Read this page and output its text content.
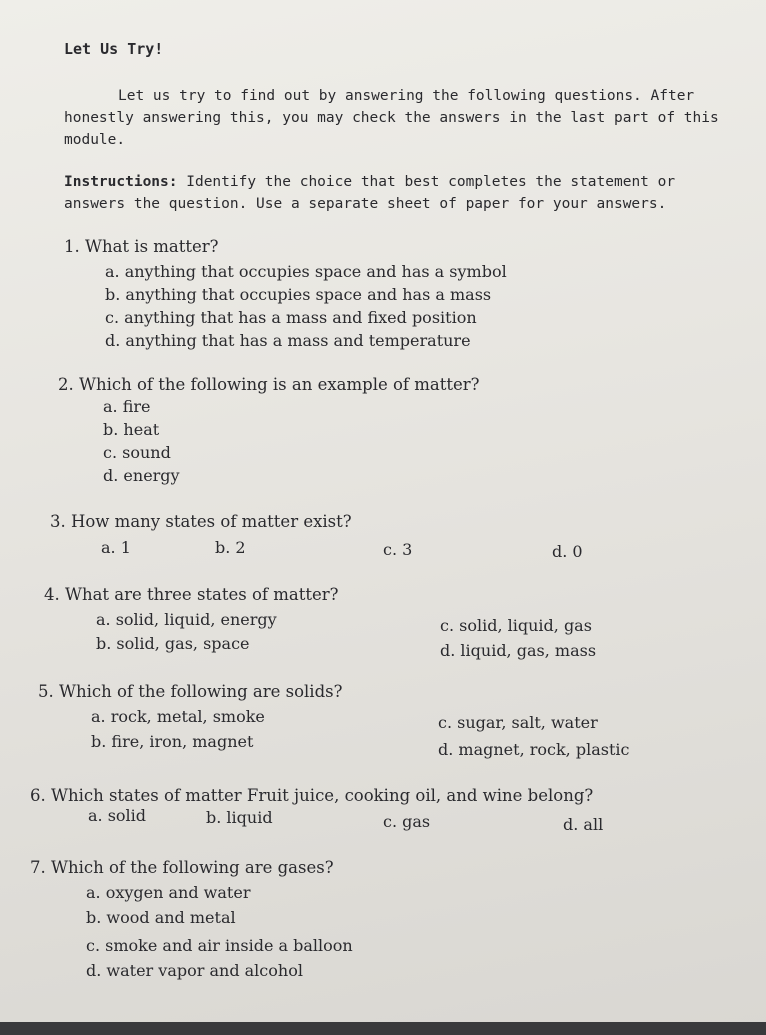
Let Us Try!
Let us try to find out by answering the following questions. After
honestly answering this, you may check the answers in the last part of this
module.
Instructions: Identify the choice that best completes the statement or
answers the question. Use a separate sheet of paper for your answers.
1. What is matter?
a. anything that occupies space and has a symbol
b. anything that occupies space and has a mass
c. anything that has a mass and fixed position
d. anything that has a mass and temperature
2. Which of the following is an example of matter?
a. fire
b. heat
c. sound
d. energy
3. How many states of matter exist?
a. 1	b. 2	c. 3	d. 0
4. What are three states of matter?
a. solid, liquid, energy
b. solid, gas, space
c. solid, liquid, gas
d. liquid, gas, mass
5. Which of the following are solids?
a. rock, metal, smoke
b. fire, iron, magnet
c. sugar, salt, water
d. magnet, rock, plastic
6. Which states of matter Fruit juice, cooking oil, and wine belong?
a. solid	b. liquid	c. gas	d. all
7. Which of the following are gases?
a. oxygen and water
b. wood and metal
c. smoke and air inside a balloon
d. water vapor and alcohol
